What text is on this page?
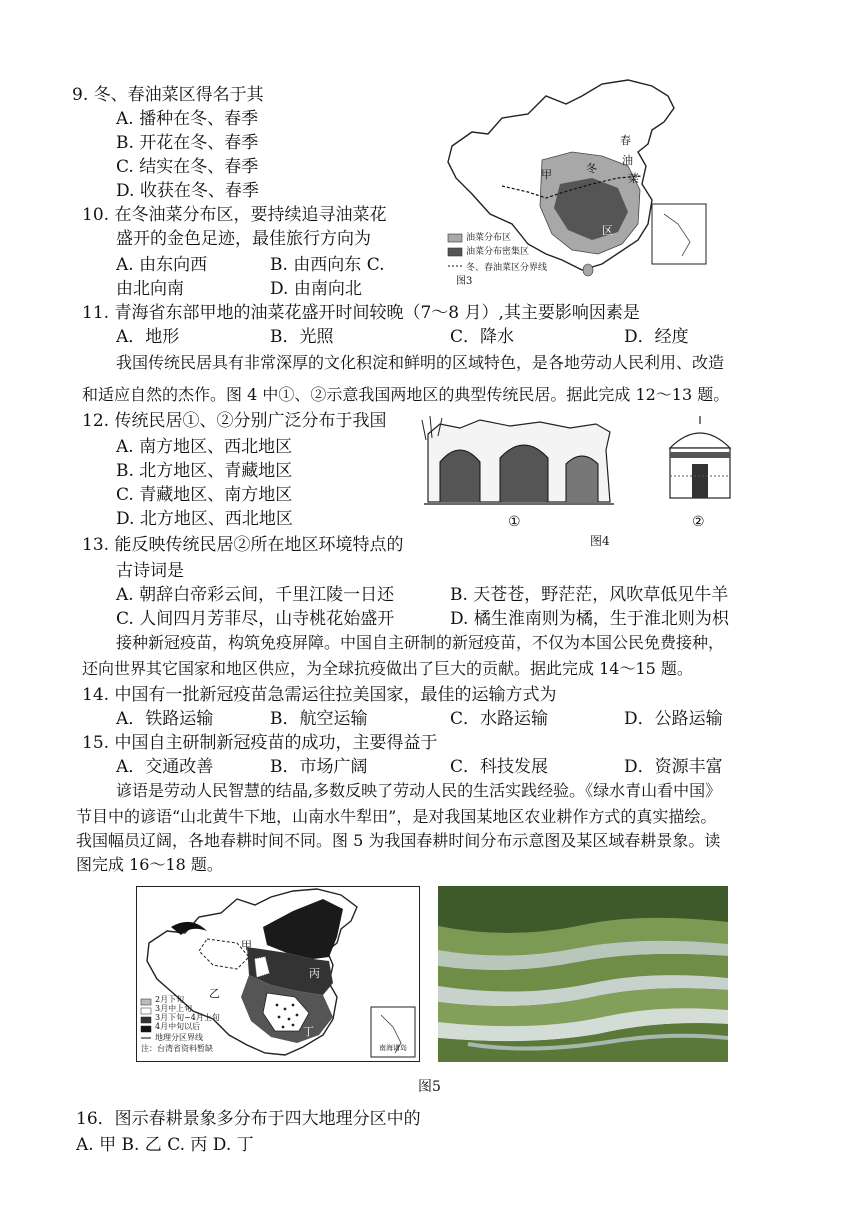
9. 冬、春油菜区得名于其
A. 播种在冬、春季
B. 开花在冬、春季
C. 结实在冬、春季
D. 收获在冬、春季
10. 在冬油菜分布区，要持续追寻油菜花
盛开的金色足迹，最佳旅行方向为
A. 由东向西	B. 由西向东 C.
由北向南	D. 由南向北
甲
春
油
菜
冬
区
油菜分布区
油菜分布密集区
冬、春油菜区分界线
图3
11. 青海省东部甲地的油菜花盛开时间较晚（7～8 月）,其主要影响因素是
A．地形	B．光照	C．降水	D．经度
我国传统民居具有非常深厚的文化积淀和鲜明的区域特色，是各地劳动人民利用、改造
和适应自然的杰作。图 4 中①、②示意我国两地区的典型传统民居。据此完成 12～13 题。
12. 传统民居①、②分别广泛分布于我国
A. 南方地区、西北地区
B. 北方地区、青藏地区
C. 青藏地区、南方地区
D. 北方地区、西北地区	①	②
图4
13. 能反映传统民居②所在地区环境特点的
古诗词是
A. 朝辞白帝彩云间，千里江陵一日还	B. 天苍苍，野茫茫，风吹草低见牛羊
C. 人间四月芳菲尽，山寺桃花始盛开	D. 橘生淮南则为橘，生于淮北则为枳
接种新冠疫苗，构筑免疫屏障。中国自主研制的新冠疫苗，不仅为本国公民免费接种，
还向世界其它国家和地区供应，为全球抗疫做出了巨大的贡献。据此完成 14～15 题。
14. 中国有一批新冠疫苗急需运往拉美国家，最佳的运输方式为
A．铁路运输	B．航空运输	C．水路运输	D．公路运输
15. 中国自主研制新冠疫苗的成功，主要得益于
A．交通改善	B．市场广阔	C．科技发展	D．资源丰富
谚语是劳动人民智慧的结晶,多数反映了劳动人民的生活实践经验。《绿水青山看中国》
节目中的谚语“山北黄牛下地，山南水牛犁田”，是对我国某地区农业耕作方式的真实描绘。
我国幅员辽阔，各地春耕时间不同。图 5 为我国春耕时间分布示意图及某区域春耕景象。读
图完成 16～18 题。
甲
乙
丙
丁
2月下旬
3月中上旬
3月下旬~4月上旬
4月中旬以后
地理分区界线
注：台湾省资料暂缺	南海诸岛
图5
16．图示春耕景象多分布于四大地理分区中的
A. 甲 B. 乙 C. 丙 D. 丁
